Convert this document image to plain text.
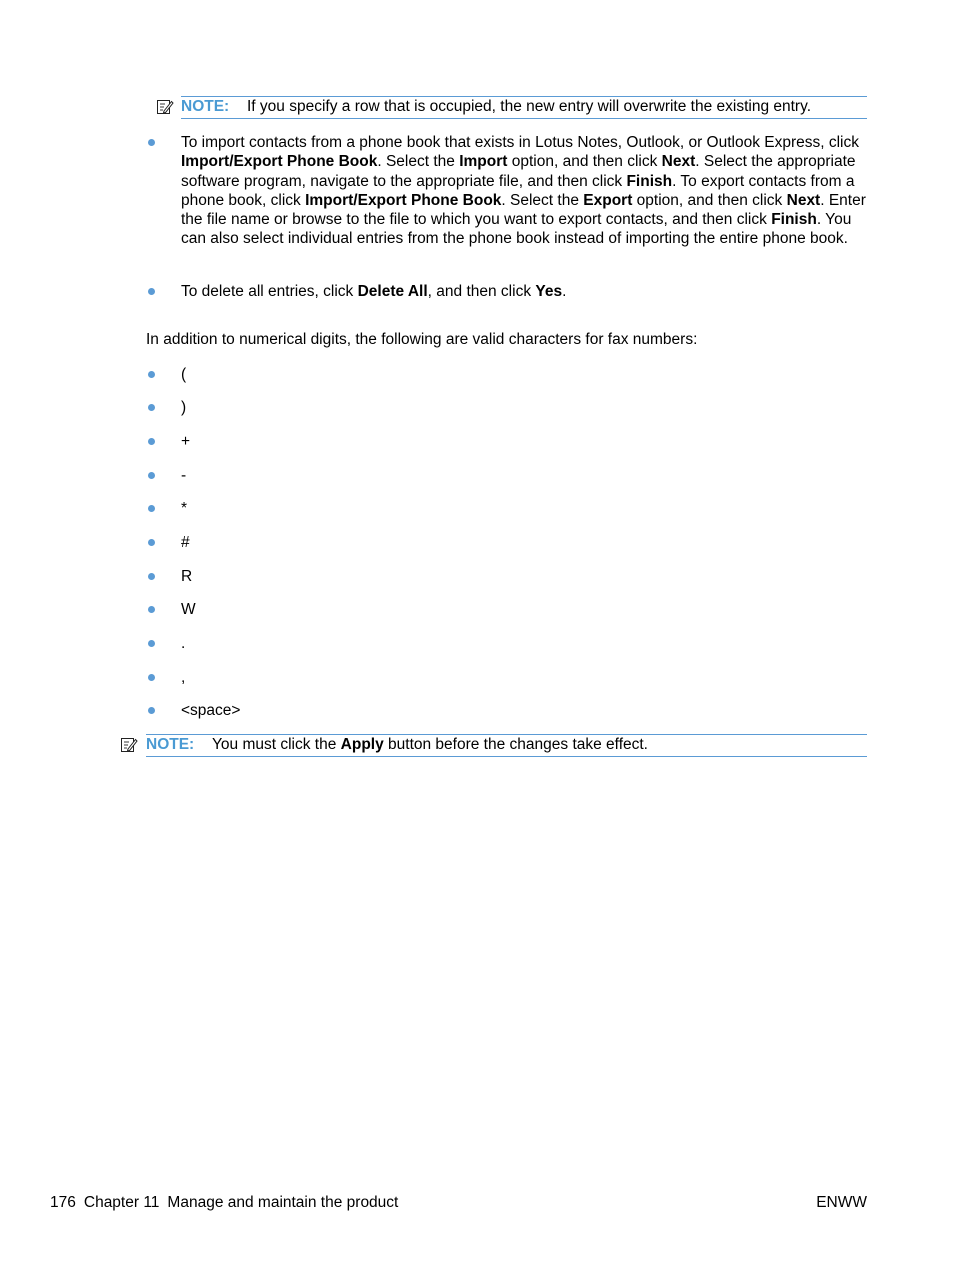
NOTE: If you specify a row that is occupied, the new entry will overwrite the existing entry.
To import contacts from a phone book that exists in Lotus Notes, Outlook, or Outlook Express, click Import/Export Phone Book. Select the Import option, and then click Next. Select the appropriate software program, navigate to the appropriate file, and then click Finish. To export contacts from a phone book, click Import/Export Phone Book. Select the Export option, and then click Next. Enter the file name or browse to the file to which you want to export contacts, and then click Finish. You can also select individual entries from the phone book instead of importing the entire phone book.
To delete all entries, click Delete All, and then click Yes.
In addition to numerical digits, the following are valid characters for fax numbers:
(
)
+
-
*
#
R
W
.
,
<space>
NOTE: You must click the Apply button before the changes take effect.
176 Chapter 11 Manage and maintain the product	ENWW
